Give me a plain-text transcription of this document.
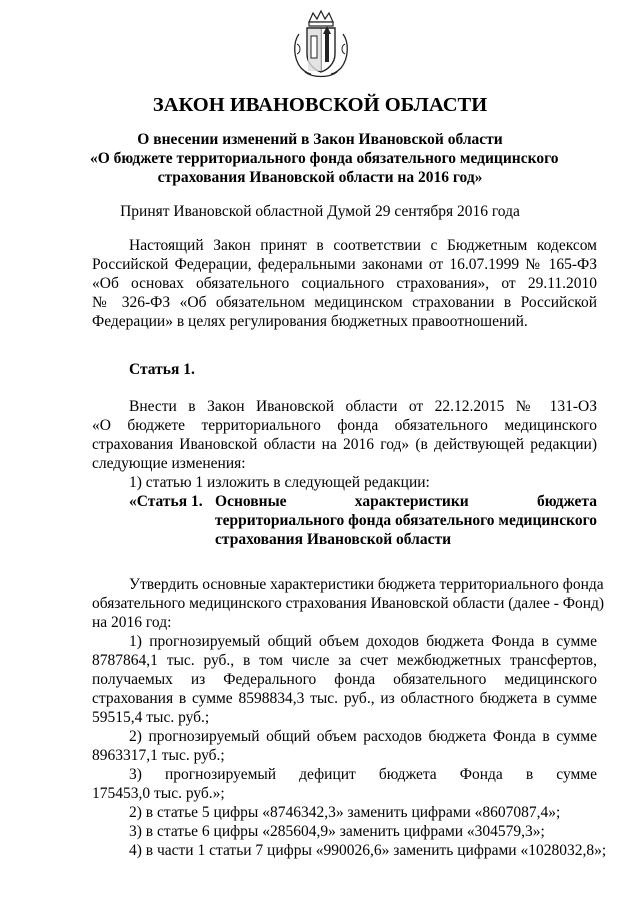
ЗАКОН ИВАНОВСКОЙ ОБЛАСТИ
О внесении изменений в Закон Ивановской области
«О бюджете территориального фонда обязательного медицинского
страхования Ивановской области на 2016 год»
Принят Ивановской областной Думой 29 сентября 2016 года

Настоящий Закон принят в соответствии с Бюджетным кодексом

Российской Федерации, федеральными законами от 16.07.1999 № 165-ФЗ

«Об основах обязательного социального страхования», от 29.11.2010

№ 326-ФЗ «Об обязательном медицинском страховании в Российской

Федерации» в целях регулирования бюджетных правоотношений.

Статья 1.

Внести в Закон Ивановской области от 22.12.2015 № 131-ОЗ

«О бюджете территориального фонда обязательного медицинского

страхования Ивановской области на 2016 год» (в действующей редакции)

следующие изменения:

1) статью 1 изложить в следующей редакции:

«Статья 1. Основные характеристики бюджета

территориального фонда обязательного медицинского

страхования Ивановской области

Утвердить основные характеристики бюджета территориального фонда

обязательного медицинского страхования Ивановской области (далее - Фонд)

на 2016 год:

1) прогнозируемый общий объем доходов бюджета Фонда в сумме

8787864,1 тыс. руб., в том числе за счет межбюджетных трансфертов,

получаемых из Федерального фонда обязательного медицинского

страхования в сумме 8598834,3 тыс. руб., из областного бюджета в сумме

59515,4 тыс. руб.;

2) прогнозируемый общий объем расходов бюджета Фонда в сумме

8963317,1 тыс. руб.;

3) прогнозируемый дефицит бюджета Фонда в сумме

175453,0 тыс. руб.»;

2) в статье 5 цифры «8746342,3» заменить цифрами «8607087,4»;

3) в статье 6 цифры «285604,9» заменить цифрами «304579,3»;

4) в части 1 статьи 7 цифры «990026,6» заменить цифрами «1028032,8»;
